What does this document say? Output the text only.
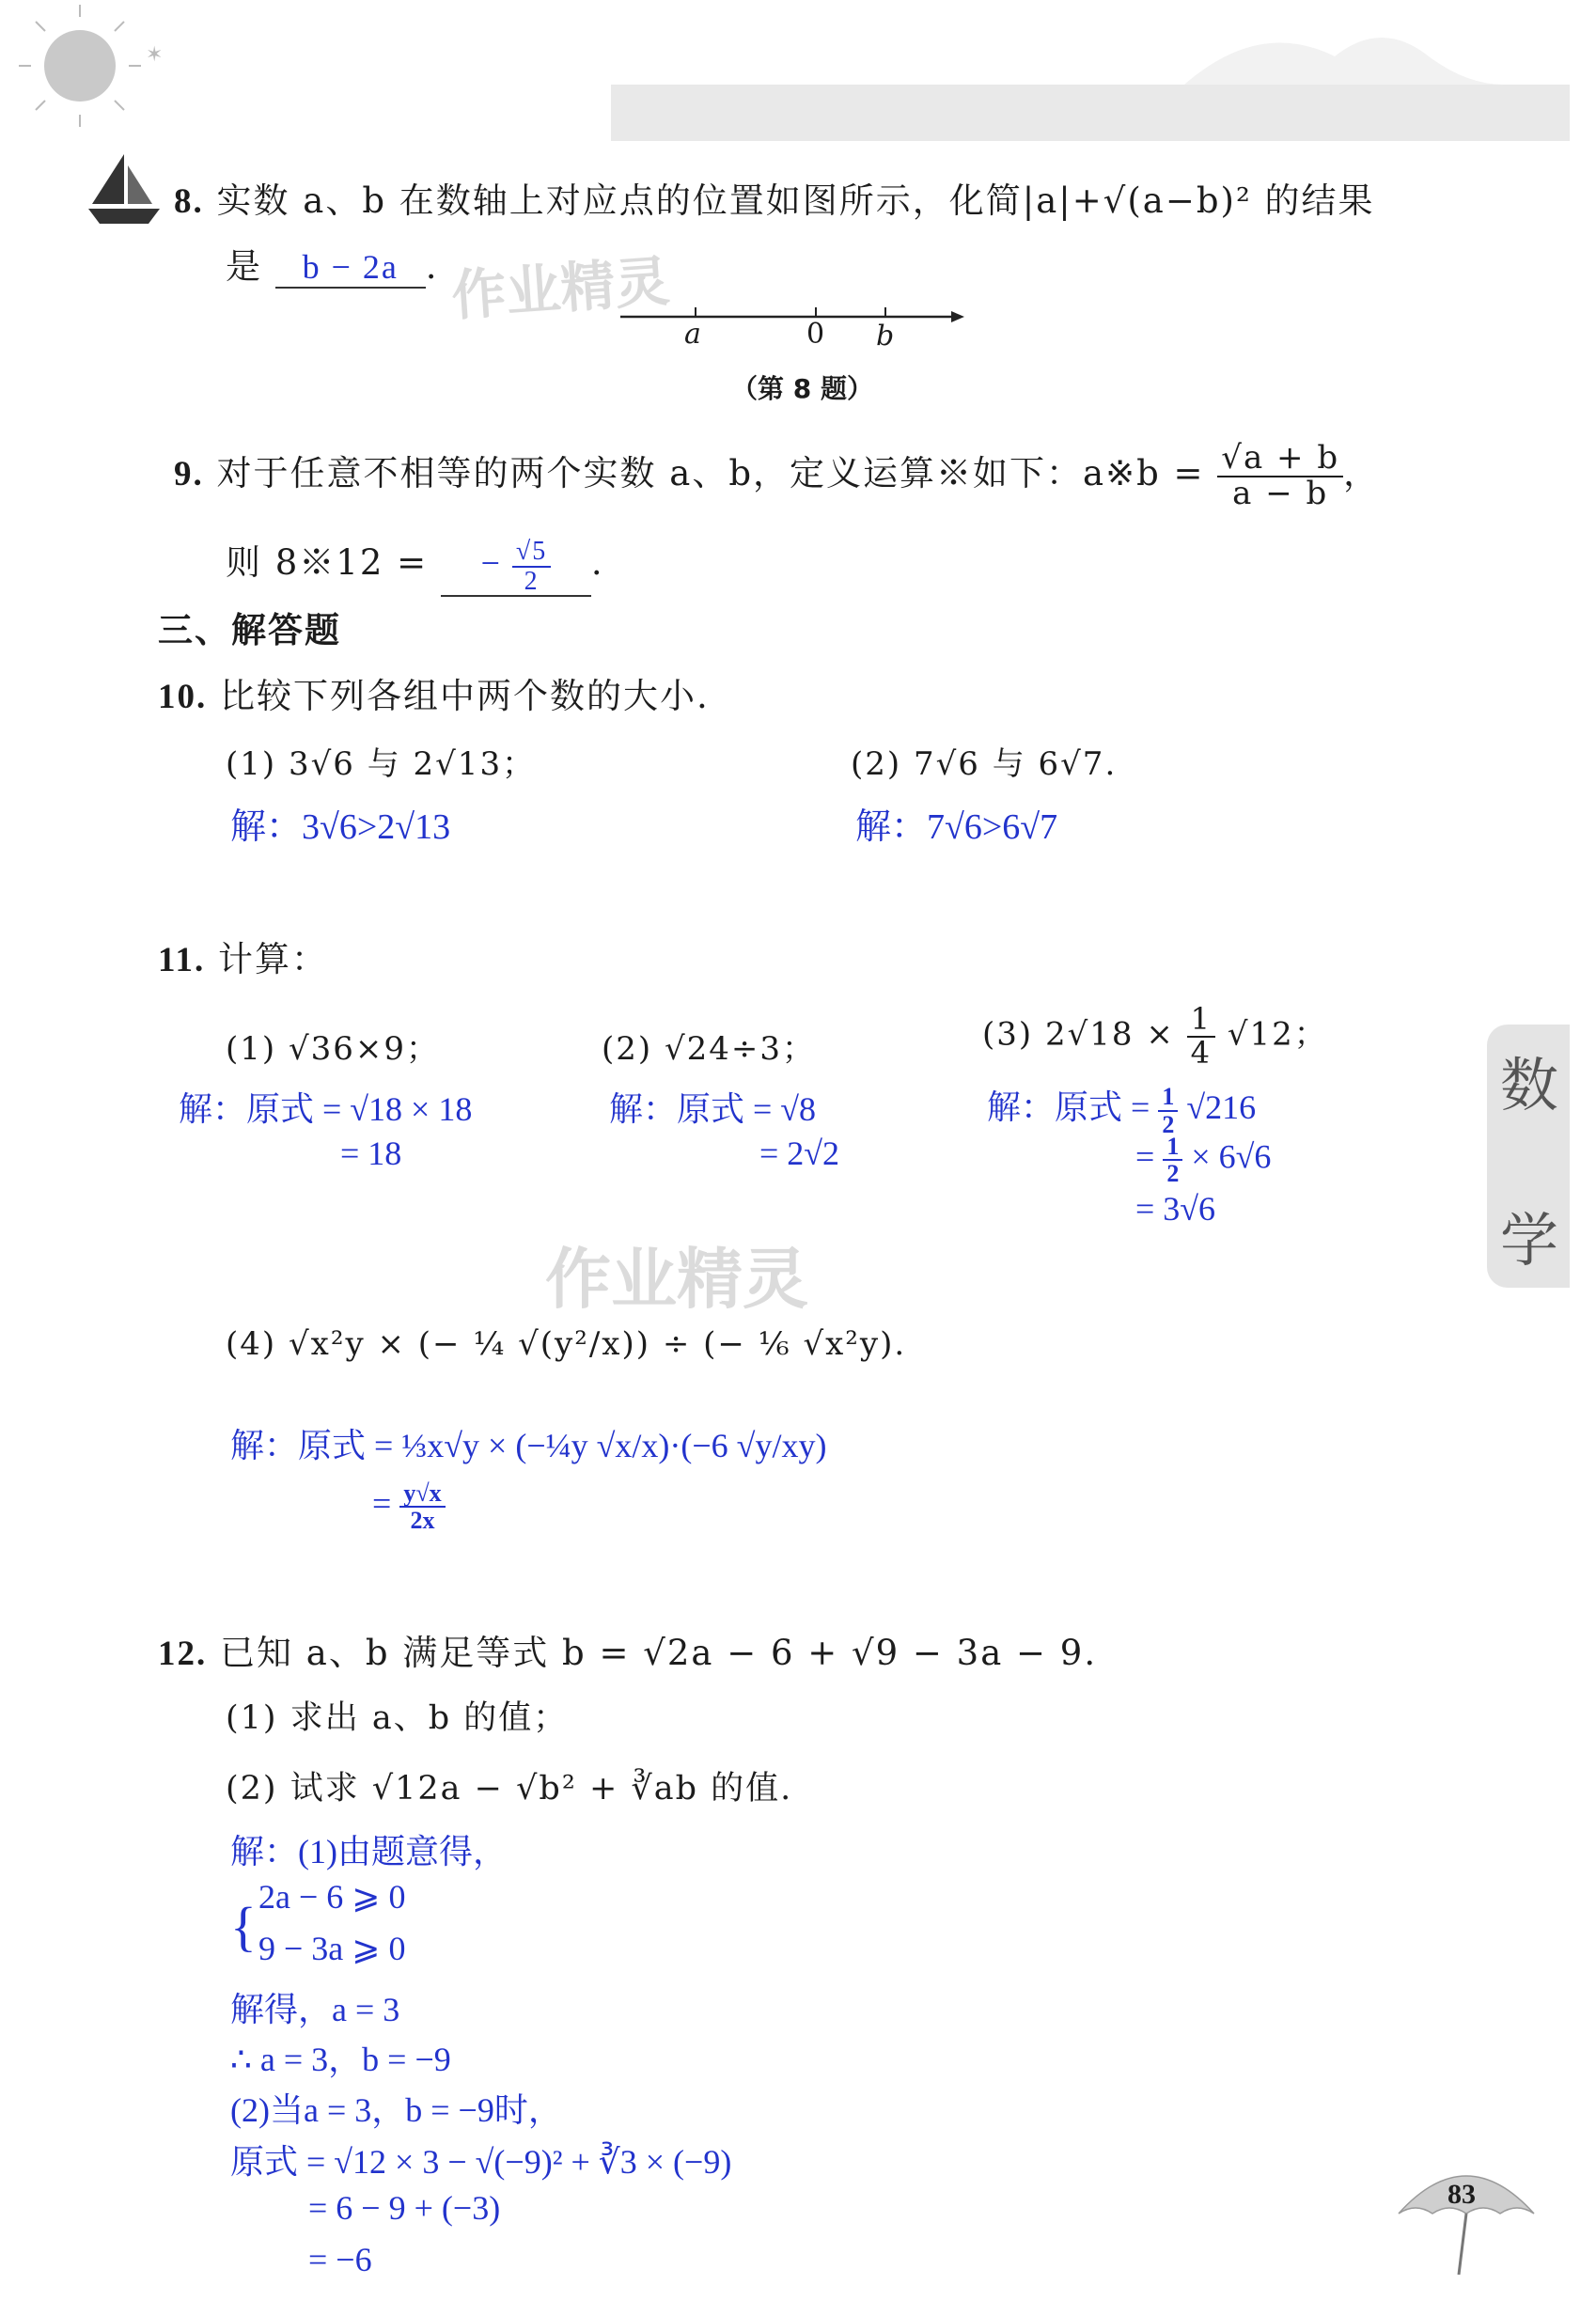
✶
8. 实数 a、b 在数轴上对应点的位置如图所示，化简|a|+√(a−b)² 的结果
是 b − 2a .
a	0 b
（第 8 题）
作业精灵
9. 对于任意不相等的两个实数 a、b，定义运算※如下：a※b = $\frac{√a + b}{a - b}$ ，
则 8※12 = − $\frac{√5}{2}$ .
三、解答题
10. 比较下列各组中两个数的大小.
(1) 3√6 与 2√13；	(2) 7√6 与 6√7.
解：3√6>2√13	解：7√6>6√7
11. 计算：
(1) √36×9；	(2) √24÷3；	(3) $2√18 \times \frac{1}{4} √12$；
解：原式 = √18 × 18
= 18
解：原式 = √8
= 2√2
解：原式 = $\frac{1}{2} √216$
= $\frac{1}{2} \times 6√6$
= 3√6
作业精灵
(4) √x²y × (− ¼ √(y²/x)) ÷ (− ⅙ √x²y).
解：原式 = ⅓x√y × (−¼y √x/x)·(−6 √y/xy)
= $\frac{y√x}{2x}$
12. 已知 a、b 满足等式 b = √2a − 6 + √9 − 3a − 9.
(1) 求出 a、b 的值；
(2) 试求 √12a − √b² + ∛ab 的值.
解：(1)由题意得，
{ 2a − 6 ⩾ 0
9 − 3a ⩾ 0
解得，a = 3
∴ a = 3，b = −9
(2)当a = 3，b = −9时，
原式 = √12 × 3 − √(−9)² + ∛3 × (−9)
= 6 − 9 + (−3)
= −6
数
学
83
